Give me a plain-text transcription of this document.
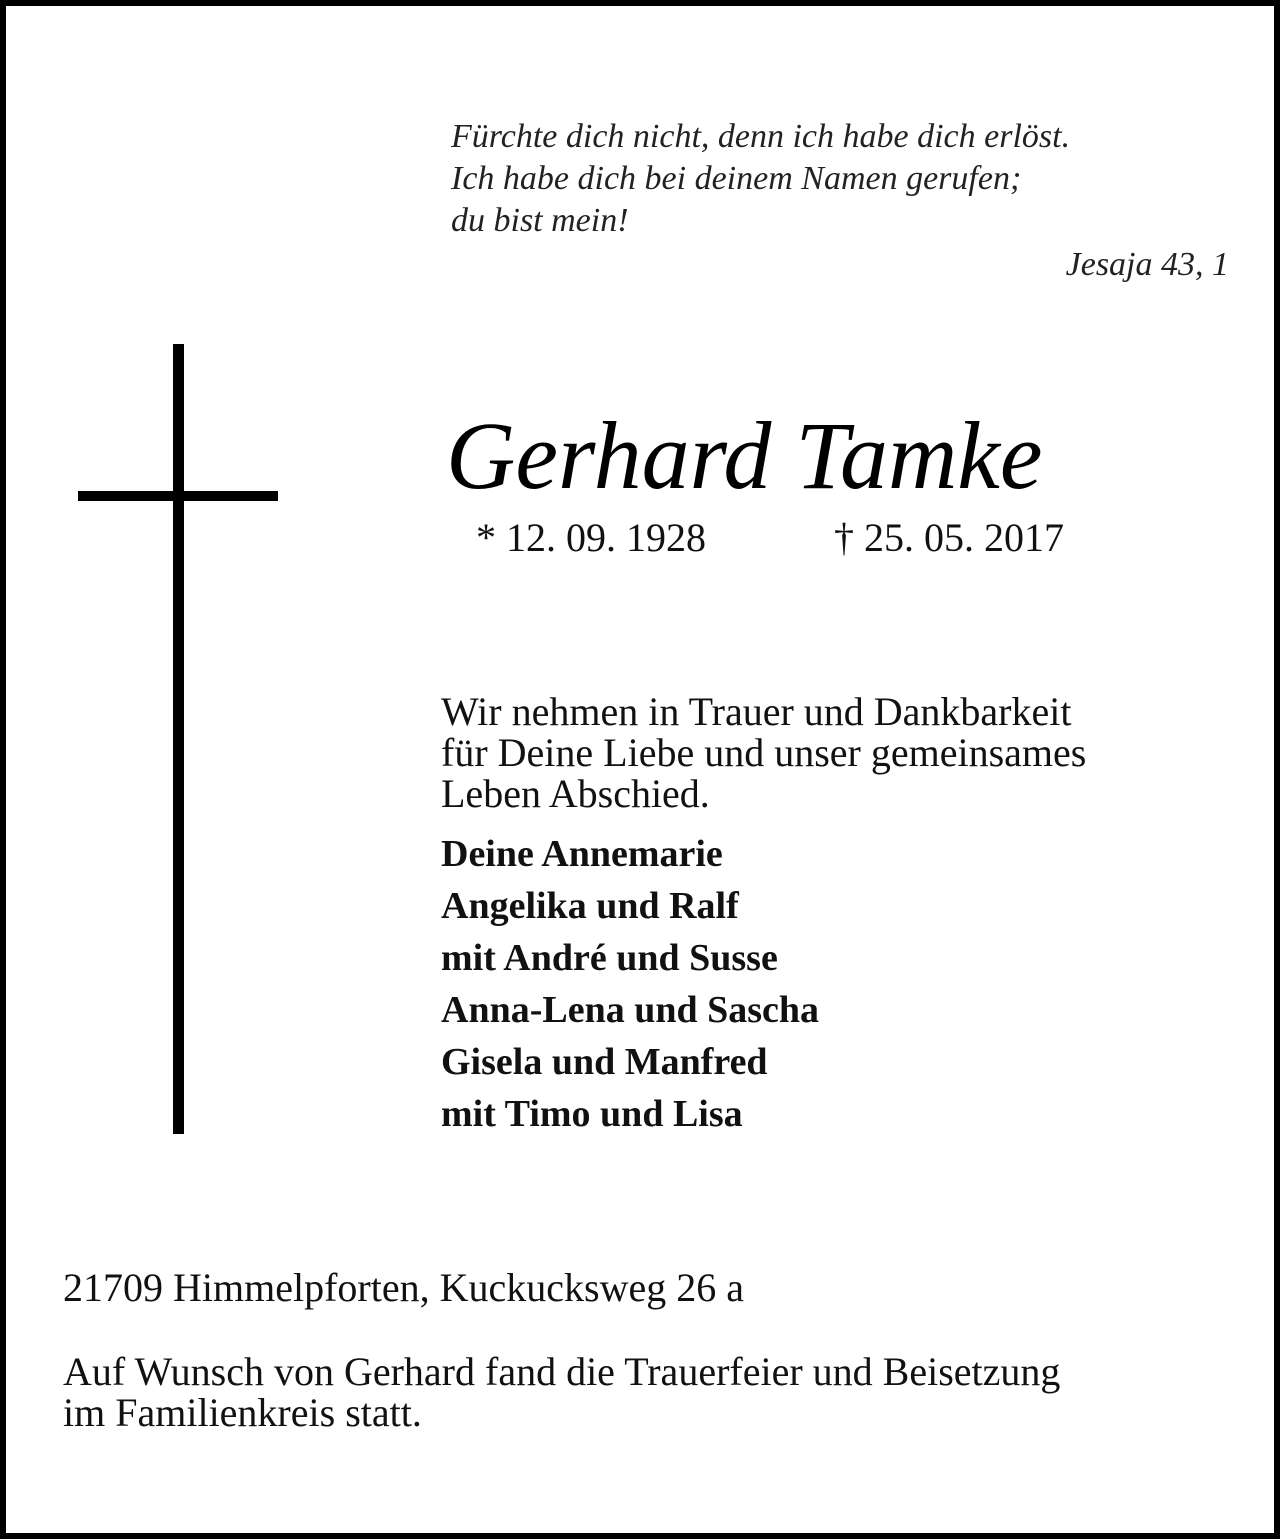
Fürchte dich nicht, denn ich habe dich erlöst.
Ich habe dich bei deinem Namen gerufen;
du bist mein!
Jesaja 43, 1
Gerhard Tamke
* 12. 09. 1928	† 25. 05. 2017
Wir nehmen in Trauer und Dankbarkeit
für Deine Liebe und unser gemeinsames
Leben Abschied.
Deine Annemarie
Angelika und Ralf
mit André und Susse
Anna-Lena und Sascha
Gisela und Manfred
mit Timo und Lisa
21709 Himmelpforten, Kuckucksweg 26 a
Auf Wunsch von Gerhard fand die Trauerfeier und Beisetzung
im Familienkreis statt.
